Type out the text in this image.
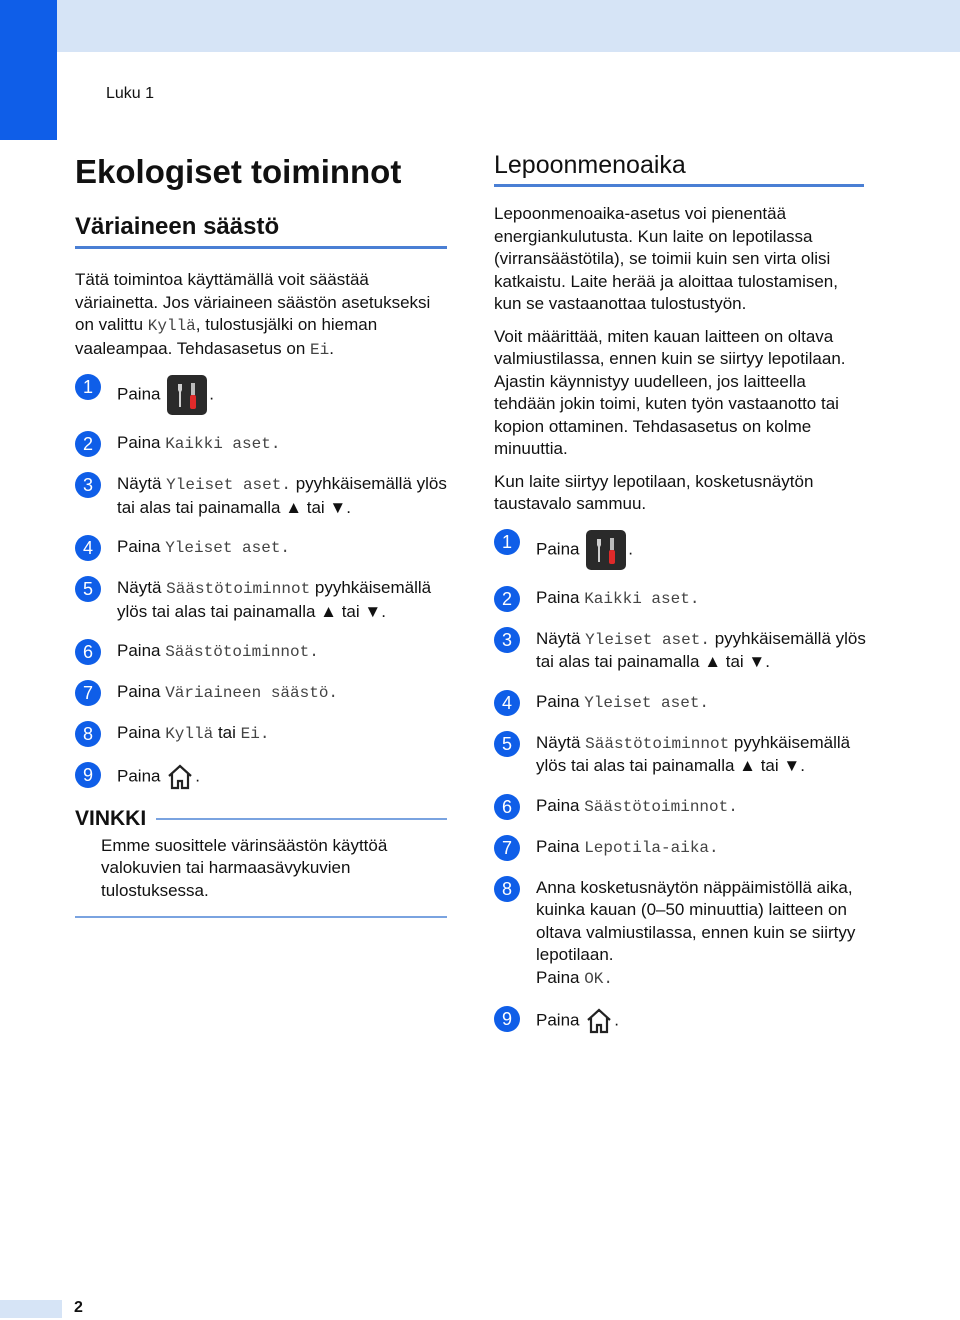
Luku 1
Ekologiset toiminnot
Väriaineen säästö

Tätä toimintoa käyttämällä voit säästää väriainetta. Jos väriaineen säästön asetukseksi on valittu Kyllä, tulostusjälki on hieman vaaleampaa. Tehdasasetus on Ei.

1	Paina	.
2	Paina Kaikki aset.
3	Näytä Yleiset aset. pyyhkäisemällä ylös tai alas tai painamalla ▲ tai ▼.
4	Paina Yleiset aset.
5	Näytä Säästötoiminnot pyyhkäisemällä ylös tai alas tai painamalla ▲ tai ▼.
6	Paina Säästötoiminnot.
7	Paina Väriaineen säästö.
8	Paina Kyllä tai Ei.
9	Paina .
VINKKI
Emme suosittele värinsäästön käyttöä valokuvien tai harmaasävykuvien tulostuksessa.
Lepoonmenoaika

Lepoonmenoaika-asetus voi pienentää energiankulutusta. Kun laite on lepotilassa (virransäästötila), se toimii kuin sen virta olisi katkaistu. Laite herää ja aloittaa tulostamisen, kun se vastaanottaa tulostustyön.

Voit määrittää, miten kauan laitteen on oltava valmiustilassa, ennen kuin se siirtyy lepotilaan. Ajastin käynnistyy uudelleen, jos laitteella tehdään jokin toimi, kuten työn vastaanotto tai kopion ottaminen. Tehdasasetus on kolme minuuttia.

Kun laite siirtyy lepotilaan, kosketusnäytön taustavalo sammuu.

1	Paina	.
2	Paina Kaikki aset.
3	Näytä Yleiset aset. pyyhkäisemällä ylös tai alas tai painamalla ▲ tai ▼.
4	Paina Yleiset aset.
5	Näytä Säästötoiminnot pyyhkäisemällä ylös tai alas tai painamalla ▲ tai ▼.
6	Paina Säästötoiminnot.
7	Paina Lepotila-aika.
8	Anna kosketusnäytön näppäimistöllä aika, kuinka kauan (0–50 minuuttia) laitteen on oltava valmiustilassa, ennen kuin se siirtyy lepotilaan.
Paina OK.
9	Paina .
2
